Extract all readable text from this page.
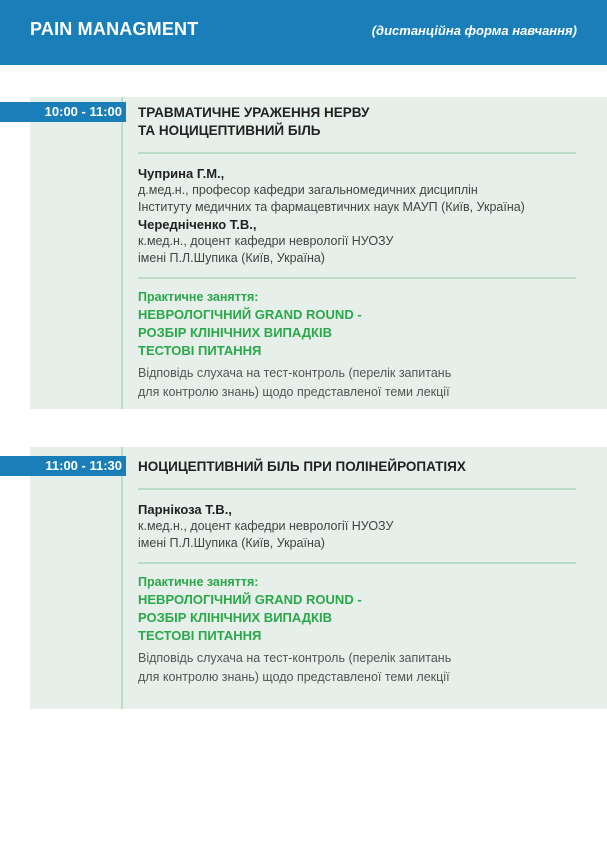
PAIN MANAGMENT	(дистанційна форма навчання)
10:00 - 11:00 ТРАВМАТИЧНЕ УРАЖЕННЯ НЕРВУ
ТА НОЦИЦЕПТИВНИЙ БІЛЬ
Чуприна Г.М.,
д.мед.н., професор кафедри загальномедичних дисциплін
Інституту медичних та фармацевтичних наук МАУП (Київ, Україна)
Чередніченко Т.В.,
к.мед.н., доцент кафедри неврології НУОЗУ
імені П.Л.Шупика (Київ, Україна)
Практичне заняття:
НЕВРОЛОГІЧНИЙ GRAND ROUND -
РОЗБІР КЛІНІЧНИХ ВИПАДКІВ
ТЕСТОВІ ПИТАННЯ
Відповідь слухача на тест-контроль (перелік запитань
для контролю знань) щодо представленої теми лекції
11:00 - 11:30 НОЦИЦЕПТИВНИЙ БІЛЬ ПРИ ПОЛІНЕЙРОПАТІЯХ
Парнікоза Т.В.,
к.мед.н., доцент кафедри неврології НУОЗУ
імені П.Л.Шупика (Київ, Україна)
Практичне заняття:
НЕВРОЛОГІЧНИЙ GRAND ROUND -
РОЗБІР КЛІНІЧНИХ ВИПАДКІВ
ТЕСТОВІ ПИТАННЯ
Відповідь слухача на тест-контроль (перелік запитань
для контролю знань) щодо представленої теми лекції
